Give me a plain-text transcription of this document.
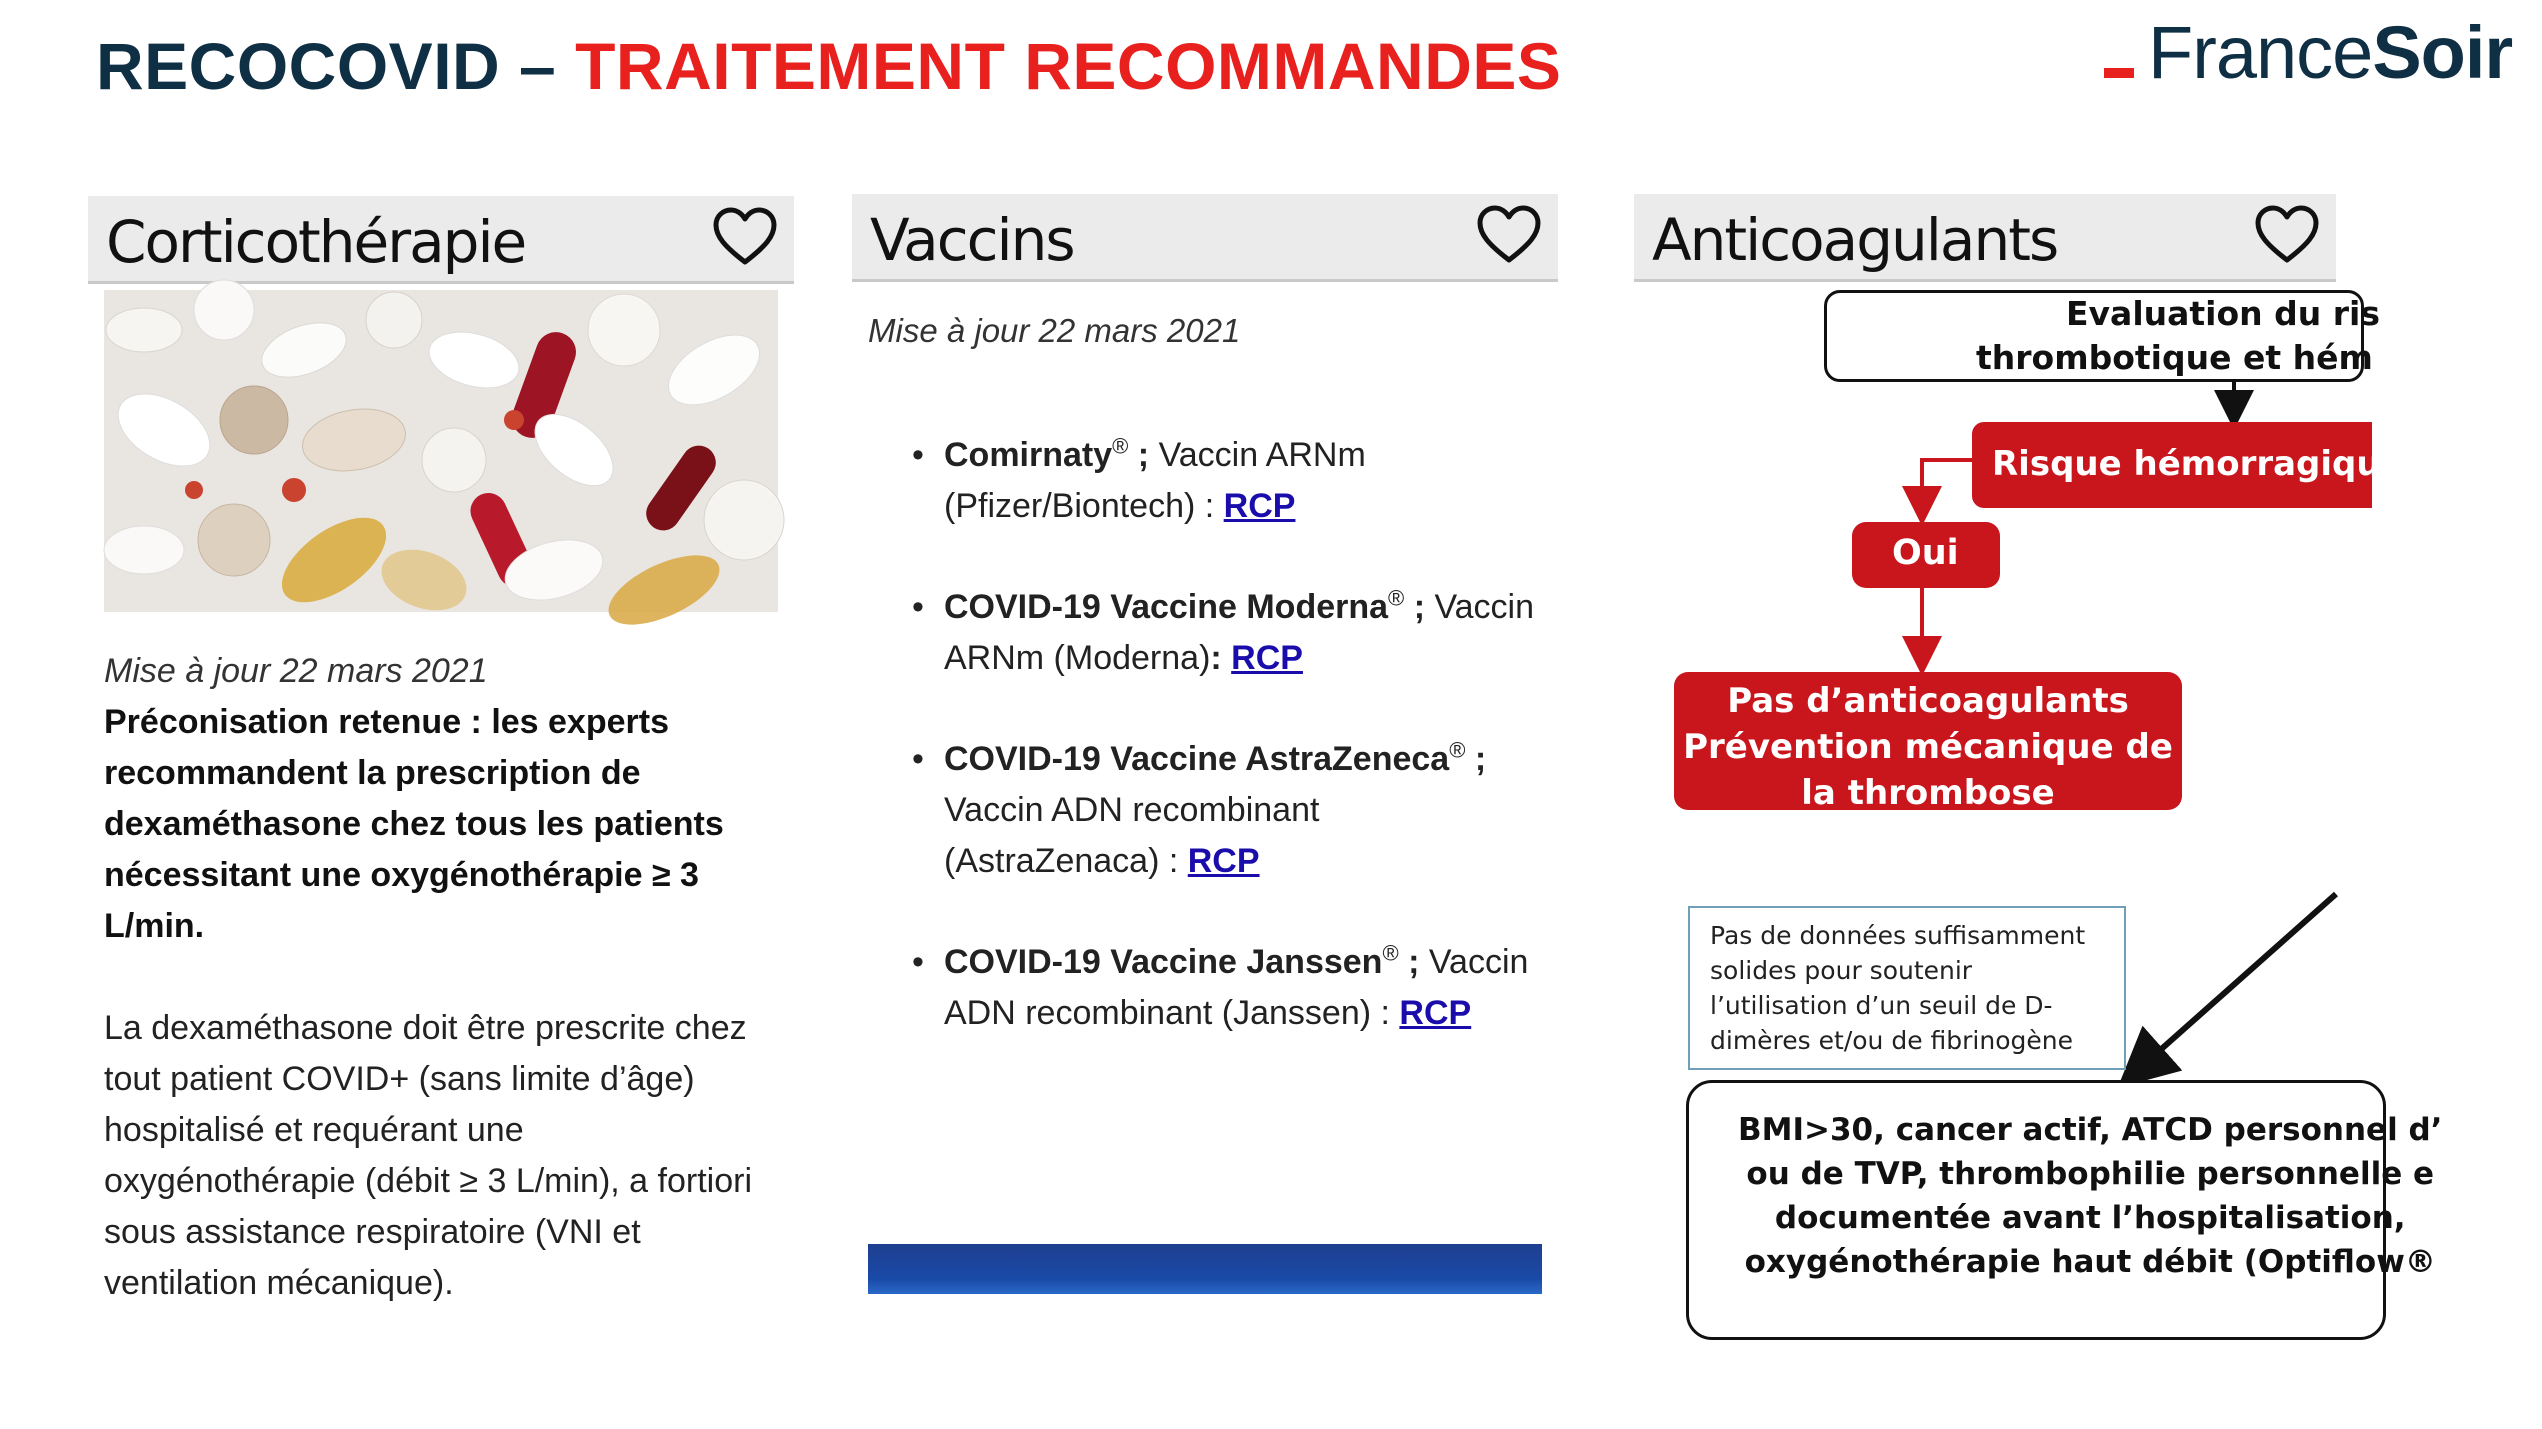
RECOCOVID – TRAITEMENT RECOMMANDES	FranceSoir
Corticothérapie
Mise à jour 22 mars 2021
Préconisation retenue : les experts
recommandent la prescription de
dexaméthasone chez tous les patients
nécessitant une oxygénothérapie ≥ 3 L/min.
La dexaméthasone doit être prescrite chez
tout patient COVID+ (sans limite d’âge)
hospitalisé et requérant une
oxygénothérapie (débit ≥ 3 L/min), a fortiori
sous assistance respiratoire (VNI et
ventilation mécanique).
Vaccins
Mise à jour 22 mars 2021
• Comirnaty® ; Vaccin ARNm
(Pfizer/Biontech) : RCP
• COVID-19 Vaccine Moderna® ; Vaccin
ARNm (Moderna): RCP
• COVID-19 Vaccine AstraZeneca® ;
Vaccin ADN recombinant
(AstraZenaca) : RCP
• COVID-19 Vaccine Janssen® ; Vaccin
ADN recombinant (Janssen) : RCP
Anticoagulants
Evaluation du ris
thrombotique et hém
Risque hémorragique
Oui
Pas d’anticoagulants
Prévention mécanique de
la thrombose
Pas de données suffisamment
solides pour soutenir
l’utilisation d’un seuil de D-
dimères et/ou de fibrinogène
BMI>30, cancer actif, ATCD personnel d’
ou de TVP, thrombophilie personnelle e
documentée avant l’hospitalisation,
oxygénothérapie haut débit (Optiflow®
